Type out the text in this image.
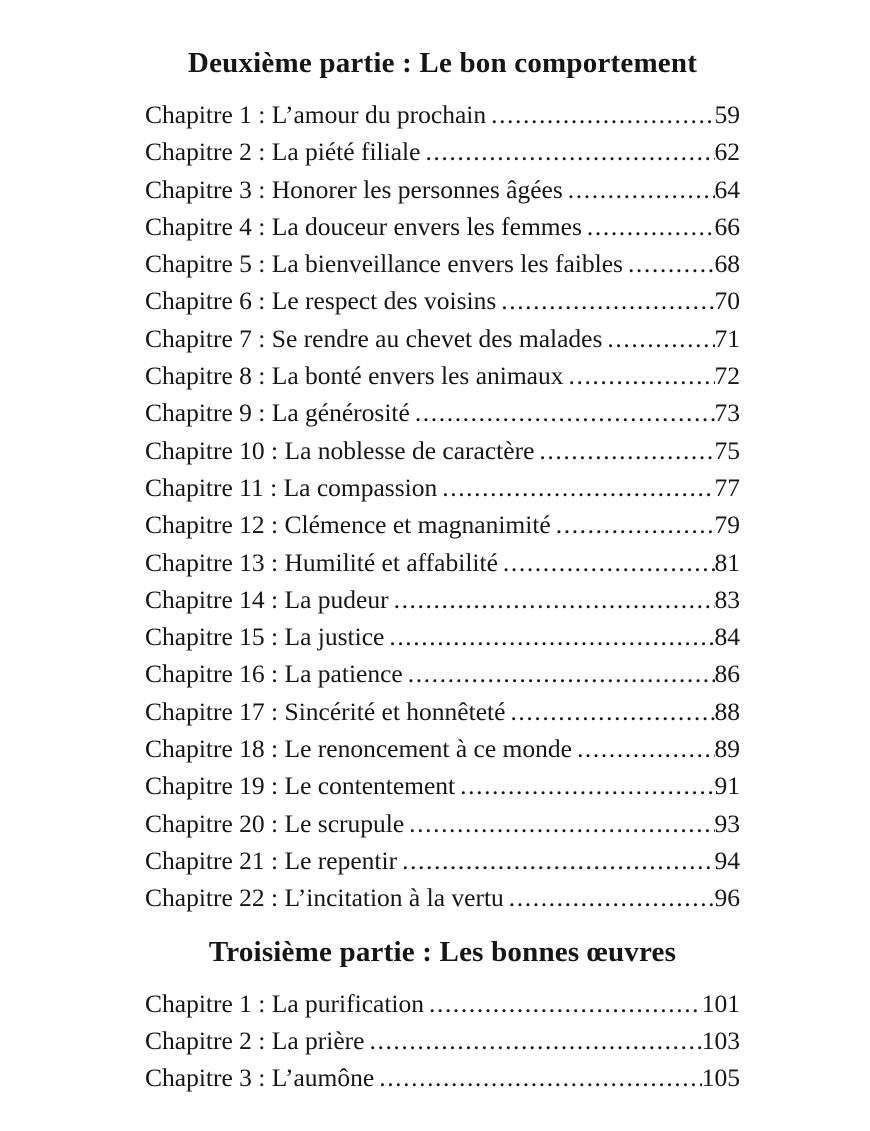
Deuxième partie : Le bon comportement
Chapitre 1 : L’amour du prochain .....	59
Chapitre 2 : La piété filiale .....	62
Chapitre 3 : Honorer les personnes âgées .....	64
Chapitre 4 : La douceur envers les femmes .....	66
Chapitre 5 : La bienveillance envers les faibles .....	68
Chapitre 6 : Le respect des voisins .....	70
Chapitre 7 : Se rendre au chevet des malades .....	71
Chapitre 8 : La bonté envers les animaux .....	72
Chapitre 9 : La générosité .....	73
Chapitre 10 : La noblesse de caractère .....	75
Chapitre 11 : La compassion .....	77
Chapitre 12 : Clémence et magnanimité .....	79
Chapitre 13 : Humilité et affabilité .....	81
Chapitre 14 : La pudeur .....	83
Chapitre 15 : La justice .....	84
Chapitre 16 : La patience .....	86
Chapitre 17 : Sincérité et honnêteté .....	88
Chapitre 18 : Le renoncement à ce monde .....	89
Chapitre 19 : Le contentement .....	91
Chapitre 20 : Le scrupule .....	93
Chapitre 21 : Le repentir .....	94
Chapitre 22 : L’incitation à la vertu .....	96
Troisième partie : Les bonnes œuvres
Chapitre 1 : La purification .....	101
Chapitre 2 : La prière .....	103
Chapitre 3 : L’aumône .....	105
